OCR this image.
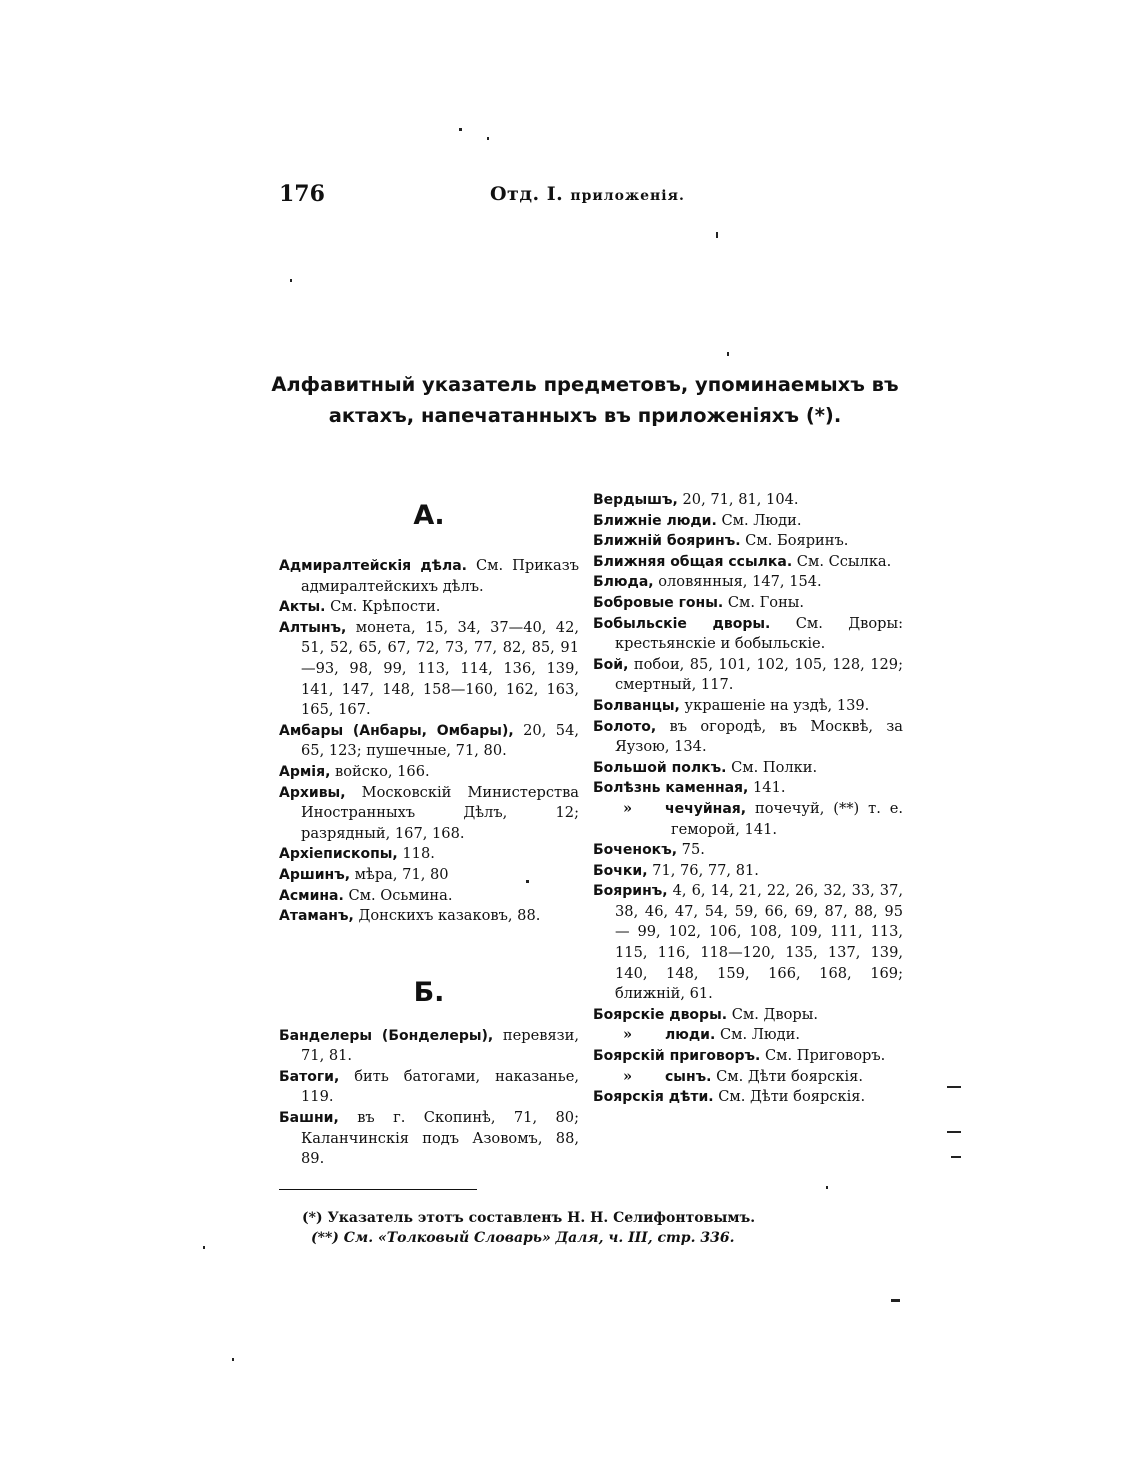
176	Отд. I. приложенія.
Алфавитный указатель предметовъ, упоминаемыхъ въ актахъ, напечатанныхъ въ приложеніяхъ (*).
А.
Адмиралтейскія дѣла. См. Приказъ адмиралтейскихъ дѣлъ.
Акты. См. Крѣпости.
Алтынъ, монета, 15, 34, 37—40, 42, 51, 52, 65, 67, 72, 73, 77, 82, 85, 91—93, 98, 99, 113, 114, 136, 139, 141, 147, 148, 158—160, 162, 163, 165, 167.
Амбары (Анбары, Омбары), 20, 54, 65, 123; пушечные, 71, 80.
Армія, войско, 166.
Архивы, Московскій Министерства Иностранныхъ Дѣлъ, 12; разрядный, 167, 168.
Архіепископы, 118.
Аршинъ, мѣра, 71, 80
Асмина. См. Осьмина.
Атаманъ, Донскихъ казаковъ, 88.
Б.
Банделеры (Бонделеры), перевязи, 71, 81.
Батоги, бить батогами, наказанье, 119.
Башни, въ г. Скопинѣ, 71, 80; Каланчинскія подъ Азовомъ, 88, 89.
Вердышъ, 20, 71, 81, 104.
Ближніе люди. См. Люди.
Ближній бояринъ. См. Бояринъ.
Ближняя общая ссылка. См. Ссылка.
Блюда, оловянныя, 147, 154.
Бобровые гоны. См. Гоны.
Бобыльскіе дворы. См. Дворы: крестьянскіе и бобыльскіе.
Бой, побои, 85, 101, 102, 105, 128, 129; смертный, 117.
Болванцы, украшеніе на уздѣ, 139.
Болото, въ огородѣ, въ Москвѣ, за Яузою, 134.
Большой полкъ. См. Полки.
Болѣзнь каменная, 141.
» чечуйная, почечуй, (**) т. е. геморой, 141.
Боченокъ, 75.
Бочки, 71, 76, 77, 81.
Бояринъ, 4, 6, 14, 21, 22, 26, 32, 33, 37, 38, 46, 47, 54, 59, 66, 69, 87, 88, 95 — 99, 102, 106, 108, 109, 111, 113, 115, 116, 118—120, 135, 137, 139, 140, 148, 159, 166, 168, 169; ближній, 61.
Боярскіе дворы. См. Дворы.
» люди. См. Люди.
Боярскій приговоръ. См. Приговоръ.
» сынъ. См. Дѣти боярскія.
Боярскія дѣти. См. Дѣти боярскія.
(*) Указатель этотъ составленъ Н. Н. Селифонтовымъ.
(**) См. «Толковый Словарь» Даля, ч. III, стр. 336.
